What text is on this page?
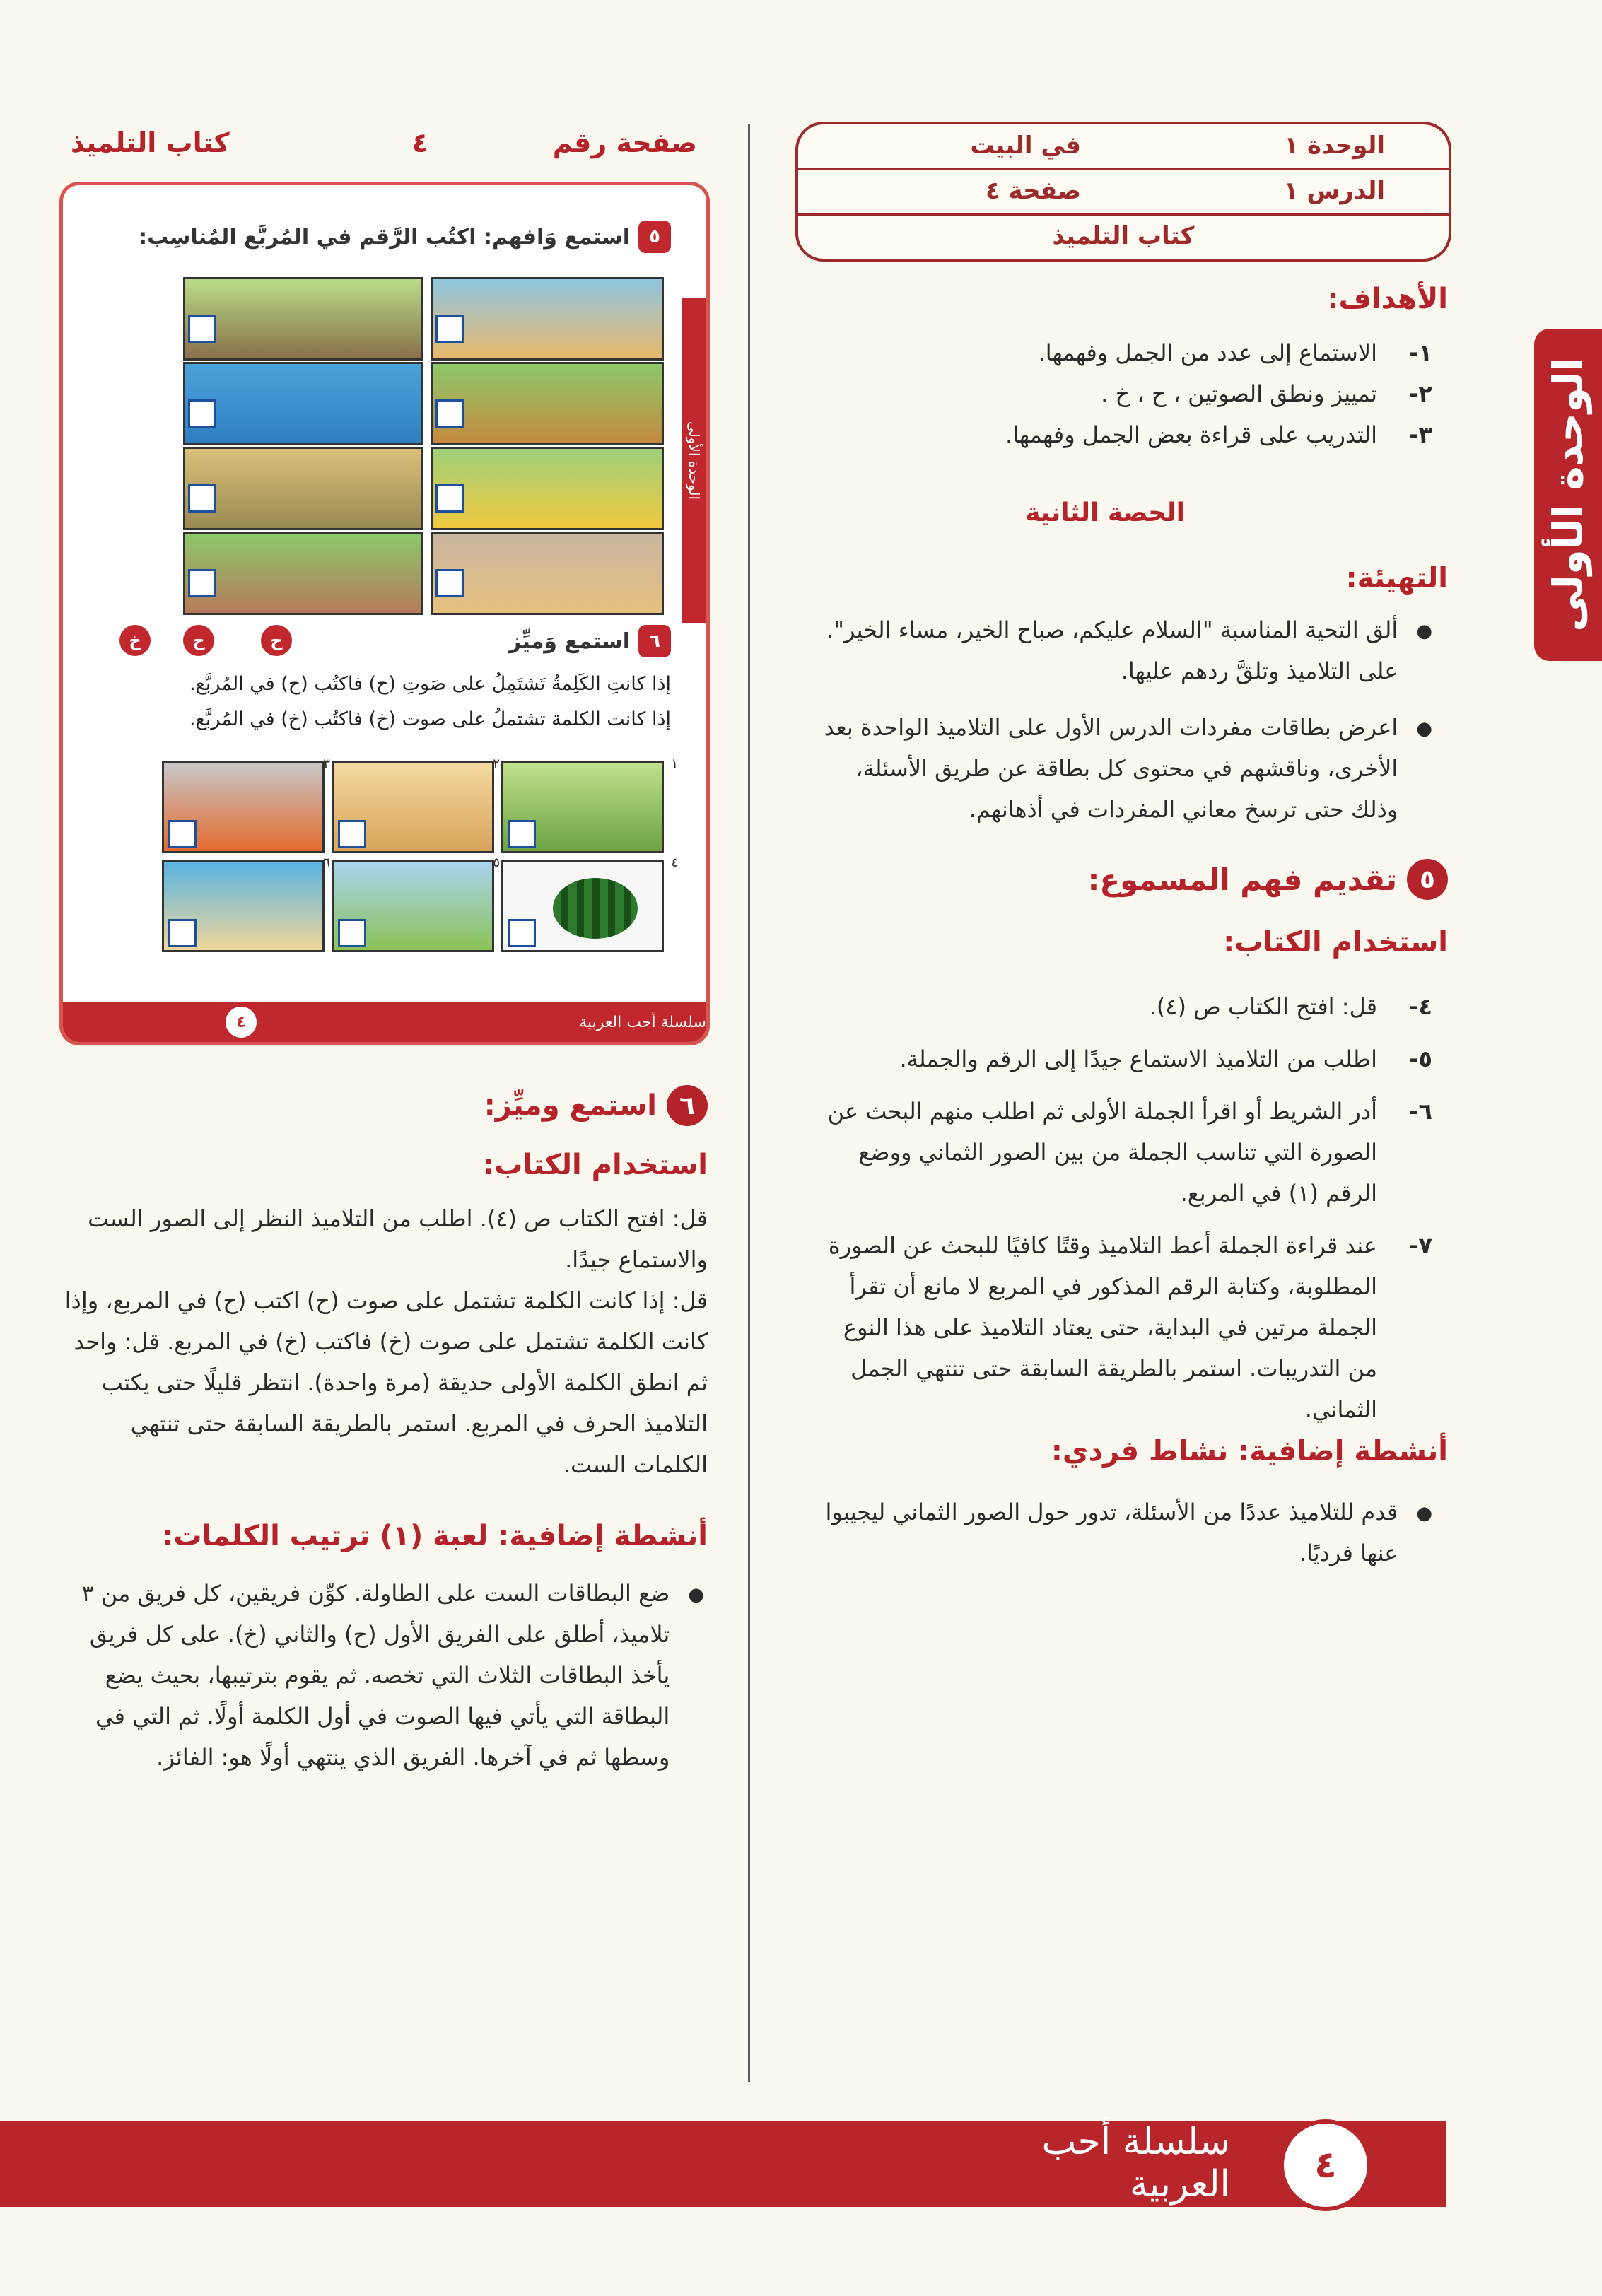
الوحدة الأولى
الوحدة ١
في البيت
الدرس ١
صفحة ٤
كتاب التلميذ
الأهداف:
١-
الاستماع إلى عدد من الجمل وفهمها.
٢-
تمييز ونطق الصوتين ، ح ، خ .
٣-
التدريب على قراءة بعض الجمل وفهمها.
الحصة الثانية
التهيئة:
●
ألق التحية المناسبة "السلام عليكم، صباح الخير، مساء الخير". على التلاميذ وتلقَّ ردهم عليها.
●
اعرض بطاقات مفردات الدرس الأول على التلاميذ الواحدة بعد الأخرى، وناقشهم في محتوى كل بطاقة عن طريق الأسئلة، وذلك حتى ترسخ معاني المفردات في أذهانهم.
٥
تقديم فهم المسموع:
استخدام الكتاب:
٤-
قل: افتح الكتاب ص (٤).
٥-
اطلب من التلاميذ الاستماع جيدًا إلى الرقم والجملة.
٦-
أدر الشريط أو اقرأ الجملة الأولى ثم اطلب منهم البحث عن الصورة التي تناسب الجملة من بين الصور الثماني ووضع الرقم (١) في المربع.
٧-
عند قراءة الجملة أعط التلاميذ وقتًا كافيًا للبحث عن الصورة المطلوبة، وكتابة الرقم المذكور في المربع لا مانع أن تقرأ الجملة مرتين في البداية، حتى يعتاد التلاميذ على هذا النوع من التدريبات. استمر بالطريقة السابقة حتى تنتهي الجمل الثماني.
أنشطة إضافية: نشاط فردي:
●
قدم للتلاميذ عددًا من الأسئلة، تدور حول الصور الثماني ليجيبوا عنها فرديًا.
صفحة رقم
٤
كتاب التلميذ
الوحدة الأولى
٥
استمع وَافهم: اكتُب الرَّقم في المُربَّع المُناسِب:
٦
استمع وَميِّز
ح	ح
خ
إذا كانتِ الكَلِمةُ تَشتَمِلُ على صَوتِ (ح) فاكتُب (ح) في المُربَّع.
إذا كانت الكلمة تشتملُ على صوت (خ) فاكتُب (خ) في المُربَّع.
١
٢
٣
٤
٥
٦
سلسلة أحب العربية
٤
٦
استمع وميِّز:
استخدام الكتاب:
قل: افتح الكتاب ص (٤). اطلب من التلاميذ النظر إلى الصور الست والاستماع جيدًا.
قل: إذا كانت الكلمة تشتمل على صوت (ح) اكتب (ح) في المربع، وإذا كانت الكلمة تشتمل على صوت (خ) فاكتب (خ) في المربع. قل: واحد ثم انطق الكلمة الأولى حديقة (مرة واحدة). انتظر قليلًا حتى يكتب التلاميذ الحرف في المربع. استمر بالطريقة السابقة حتى تنتهي الكلمات الست.
أنشطة إضافية: لعبة (١) ترتيب الكلمات:
●
ضع البطاقات الست على الطاولة. كوِّن فريقين، كل فريق من ٣ تلاميذ، أطلق على الفريق الأول (ح) والثاني (خ). على كل فريق يأخذ البطاقات الثلاث التي تخصه. ثم يقوم بترتيبها، بحيث يضع البطاقة التي يأتي فيها الصوت في أول الكلمة أولًا. ثم التي في وسطها ثم في آخرها. الفريق الذي ينتهي أولًا هو: الفائز.
سلسلة أحب العربية	٤
